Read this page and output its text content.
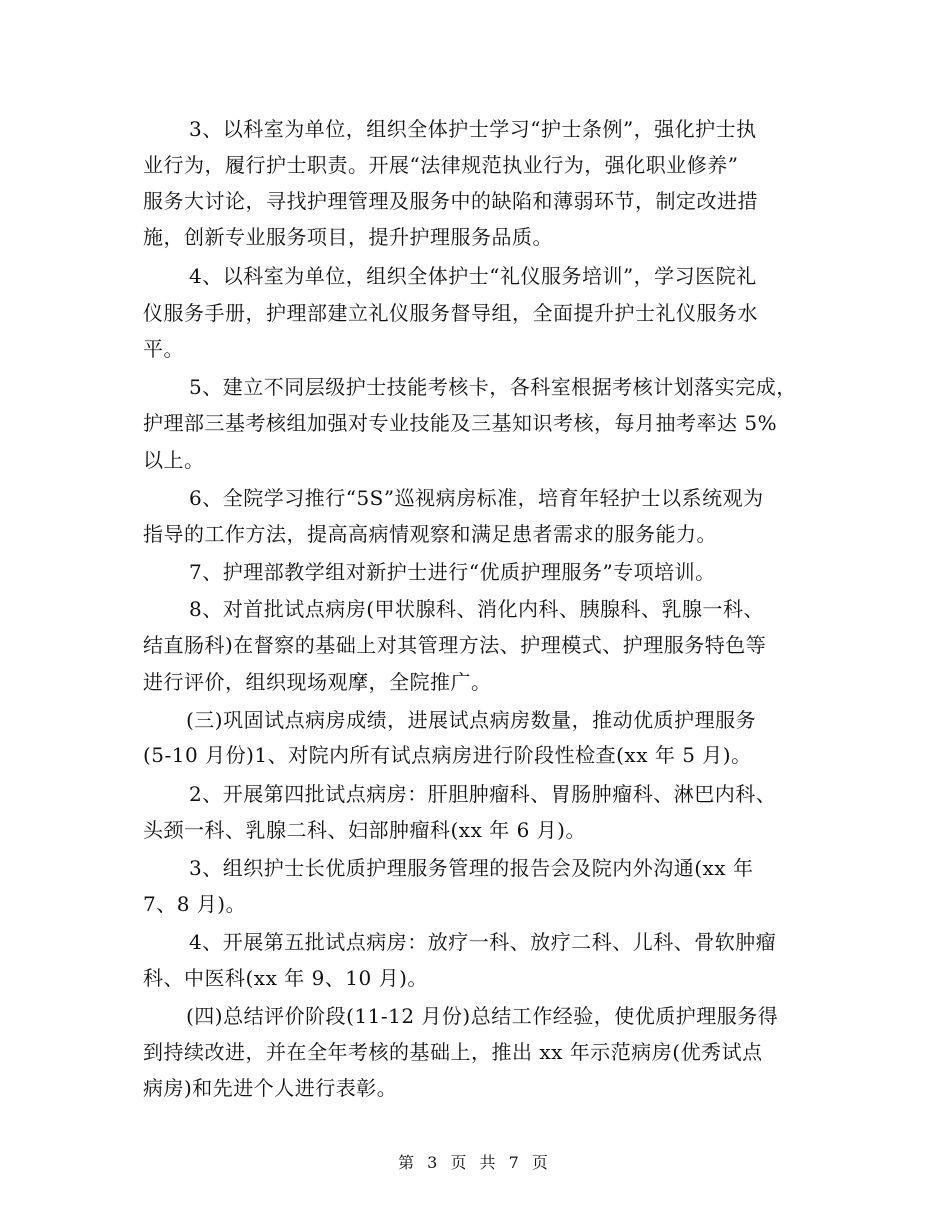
3、以科室为单位，组织全体护士学习“护士条例”，强化护士执
业行为，履行护士职责。开展“法律规范执业行为，强化职业修养”
服务大讨论，寻找护理管理及服务中的缺陷和薄弱环节，制定改进措
施，创新专业服务项目，提升护理服务品质。
4、以科室为单位，组织全体护士“礼仪服务培训”，学习医院礼
仪服务手册，护理部建立礼仪服务督导组，全面提升护士礼仪服务水
平。
5、建立不同层级护士技能考核卡，各科室根据考核计划落实完成，
护理部三基考核组加强对专业技能及三基知识考核，每月抽考率达 5%
以上。
6、全院学习推行“5S”巡视病房标准，培育年轻护士以系统观为
指导的工作方法，提高高病情观察和满足患者需求的服务能力。
7、护理部教学组对新护士进行“优质护理服务”专项培训。
8、对首批试点病房(甲状腺科、消化内科、胰腺科、乳腺一科、
结直肠科)在督察的基础上对其管理方法、护理模式、护理服务特色等
进行评价，组织现场观摩，全院推广。
(三)巩固试点病房成绩，进展试点病房数量，推动优质护理服务
(5-10 月份)1、对院内所有试点病房进行阶段性检查(xx 年 5 月)。
2、开展第四批试点病房：肝胆肿瘤科、胃肠肿瘤科、淋巴内科、
头颈一科、乳腺二科、妇部肿瘤科(xx 年 6 月)。
3、组织护士长优质护理服务管理的报告会及院内外沟通(xx 年
7、8 月)。
4、开展第五批试点病房：放疗一科、放疗二科、儿科、骨软肿瘤
科、中医科(xx 年 9、10 月)。
(四)总结评价阶段(11-12 月份)总结工作经验，使优质护理服务得
到持续改进，并在全年考核的基础上，推出 xx 年示范病房(优秀试点
病房)和先进个人进行表彰。
第 3 页 共 7 页
